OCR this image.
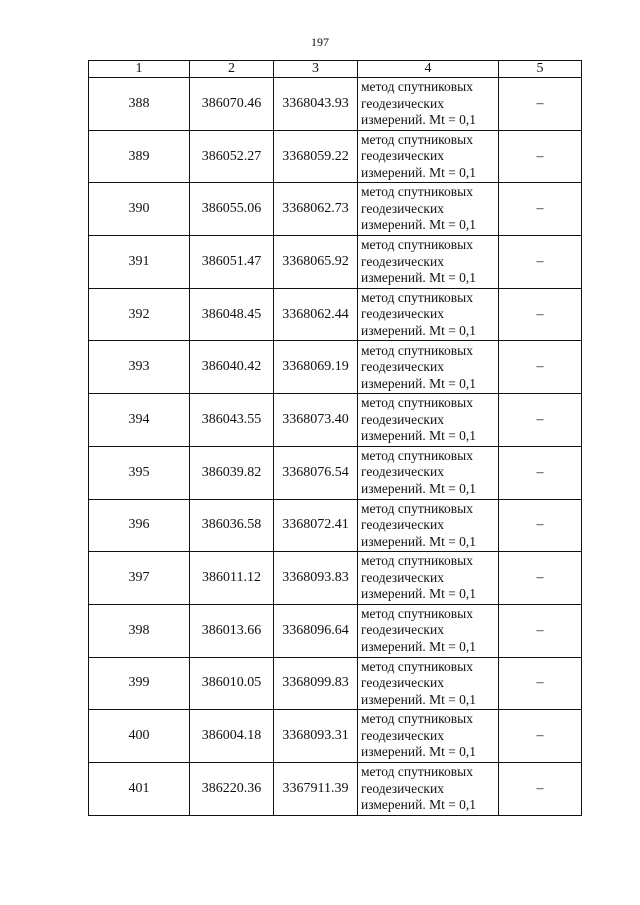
197
1	2	3	4	5
388	386070.46	3368043.93	метод спутниковых
геодезических
измерений. Mt = 0,1	–
389	386052.27	3368059.22	метод спутниковых
геодезических
измерений. Mt = 0,1	–
390	386055.06	3368062.73	метод спутниковых
геодезических
измерений. Mt = 0,1	–
391	386051.47	3368065.92	метод спутниковых
геодезических
измерений. Mt = 0,1	–
392	386048.45	3368062.44	метод спутниковых
геодезических
измерений. Mt = 0,1	–
393	386040.42	3368069.19	метод спутниковых
геодезических
измерений. Mt = 0,1	–
394	386043.55	3368073.40	метод спутниковых
геодезических
измерений. Mt = 0,1	–
395	386039.82	3368076.54	метод спутниковых
геодезических
измерений. Mt = 0,1	–
396	386036.58	3368072.41	метод спутниковых
геодезических
измерений. Mt = 0,1	–
397	386011.12	3368093.83	метод спутниковых
геодезических
измерений. Mt = 0,1	–
398	386013.66	3368096.64	метод спутниковых
геодезических
измерений. Mt = 0,1	–
399	386010.05	3368099.83	метод спутниковых
геодезических
измерений. Mt = 0,1	–
400	386004.18	3368093.31	метод спутниковых
геодезических
измерений. Mt = 0,1	–
401	386220.36	3367911.39	метод спутниковых
геодезических
измерений. Mt = 0,1	–
